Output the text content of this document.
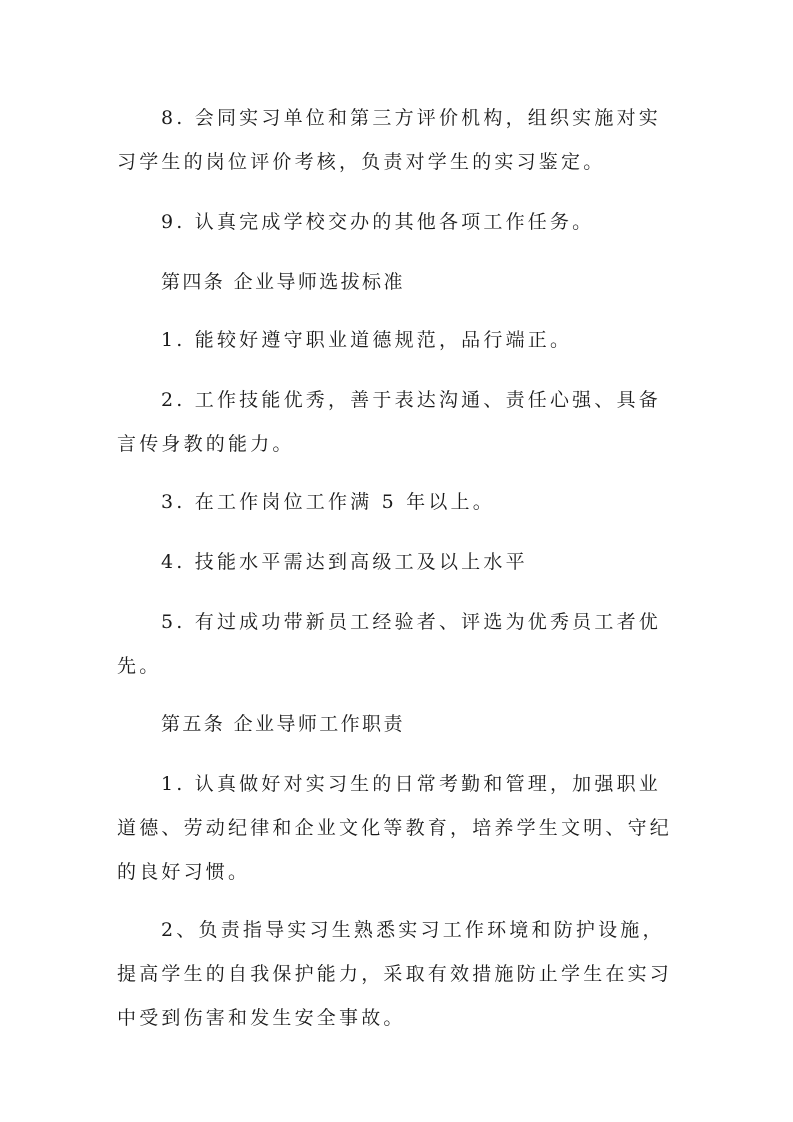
8. 会同实习单位和第三方评价机构，组织实施对实习学生的岗位评价考核，负责对学生的实习鉴定。

9. 认真完成学校交办的其他各项工作任务。

第四条 企业导师选拔标准

1. 能较好遵守职业道德规范，品行端正。

2. 工作技能优秀，善于表达沟通、责任心强、具备言传身教的能力。

3. 在工作岗位工作满 5 年以上。

4. 技能水平需达到高级工及以上水平

5. 有过成功带新员工经验者、评选为优秀员工者优先。

第五条 企业导师工作职责

1. 认真做好对实习生的日常考勤和管理，加强职业道德、劳动纪律和企业文化等教育，培养学生文明、守纪的良好习惯。

2、负责指导实习生熟悉实习工作环境和防护设施，提高学生的自我保护能力，采取有效措施防止学生在实习中受到伤害和发生安全事故。
